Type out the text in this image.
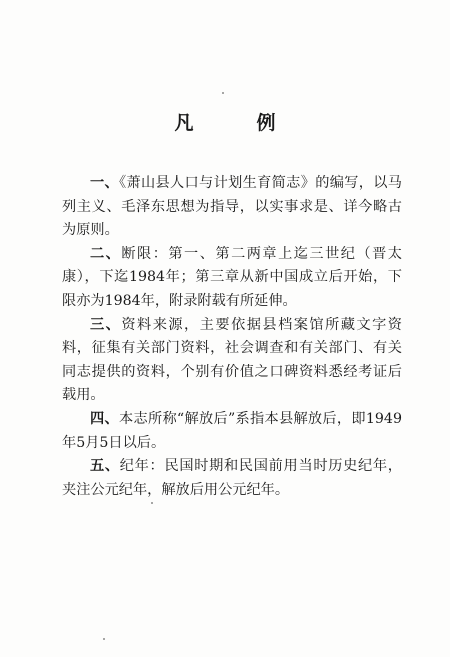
凡　例

一、《萧山县人口与计划生育简志》的编写，以马列主义、毛泽东思想为指导，以实事求是、详今略古为原则。

二、断限：第一、第二两章上迄三世纪（晋太康），下迄1984年；第三章从新中国成立后开始，下限亦为1984年，附录附载有所延伸。

三、资料来源，主要依据县档案馆所藏文字资料，征集有关部门资料，社会调查和有关部门、有关同志提供的资料，个别有价值之口碑资料悉经考证后载用。

四、本志所称“解放后”系指本县解放后，即1949年5月5日以后。

五、纪年：民国时期和民国前用当时历史纪年，夹注公元纪年，解放后用公元纪年。
